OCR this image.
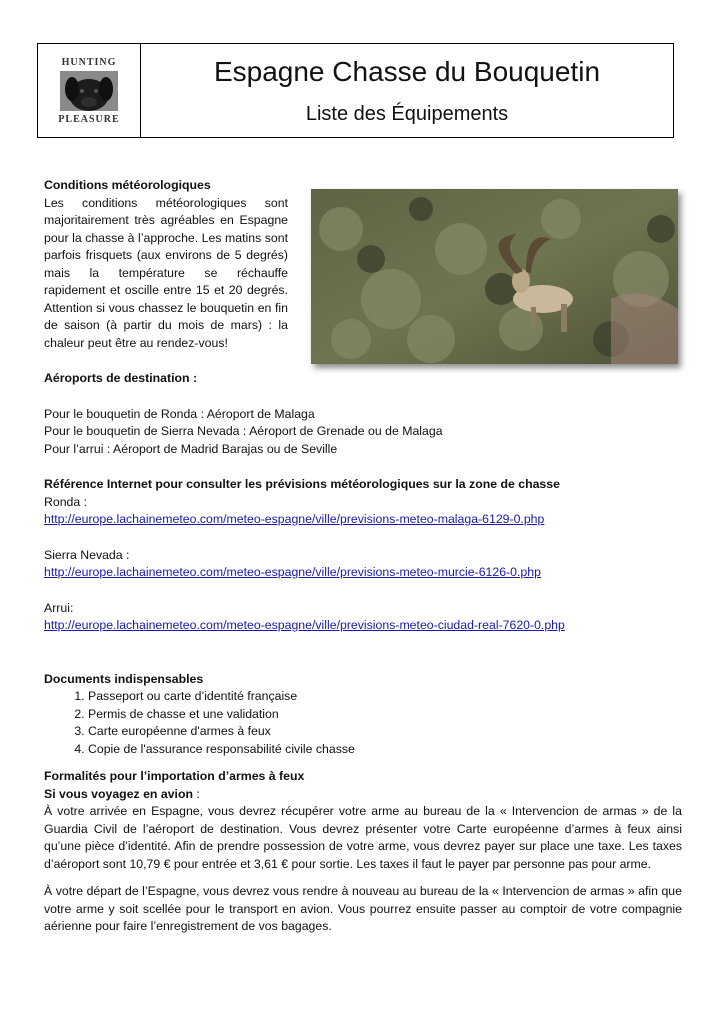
HUNTING
PLEASURE
Espagne Chasse du Bouquetin
Liste des Équipements
Conditions météorologiques

Les conditions météorologiques sont majoritairement très agréables en Espagne pour la chasse à l’approche. Les matins sont parfois frisquets (aux environs de 5 degrés) mais la température se réchauffe rapidement et oscille entre 15 et 20 degrés. Attention si vous chassez le bouquetin en fin de saison (à partir du mois de mars) : la chaleur peut être au rendez-vous!

Aéroports de destination :

Pour le bouquetin de Ronda : Aéroport de Malaga

Pour le bouquetin de Sierra Nevada : Aéroport de Grenade ou de Malaga

Pour l’arrui : Aéroport de Madrid Barajas ou de Seville

Référence Internet pour consulter les prévisions météorologiques sur la zone de chasse

Ronda :

http://europe.lachainemeteo.com/meteo-espagne/ville/previsions-meteo-malaga-6129-0.php

Sierra Nevada :

http://europe.lachainemeteo.com/meteo-espagne/ville/previsions-meteo-murcie-6126-0.php

Arrui:

http://europe.lachainemeteo.com/meteo-espagne/ville/previsions-meteo-ciudad-real-7620-0.php

Documents indispensables
1. Passeport ou carte d’identité française
2. Permis de chasse et une validation
3. Carte européenne d'armes à feux
4. Copie de l'assurance responsabilité civile chasse
Formalités pour l’importation d’armes à feux

Si vous voyagez en avion :

À votre arrivée en Espagne, vous devrez récupérer votre arme au bureau de la « Intervencion de armas » de la Guardia Civil de l’aéroport de destination. Vous devrez présenter votre Carte européenne d’armes à feux ainsi qu’une pièce d’identité. Afin de prendre possession de votre arme, vous devrez payer sur place une taxe. Les taxes d’aéroport sont 10,79 € pour entrée et 3,61 € pour sortie. Les taxes il faut le payer par personne pas pour arme.

À votre départ de l’Espagne, vous devrez vous rendre à nouveau au bureau de la « Intervencion de armas » afin que votre arme y soit scellée pour le transport en avion. Vous pourrez ensuite passer au comptoir de votre compagnie aérienne pour faire l’enregistrement de vos bagages.
